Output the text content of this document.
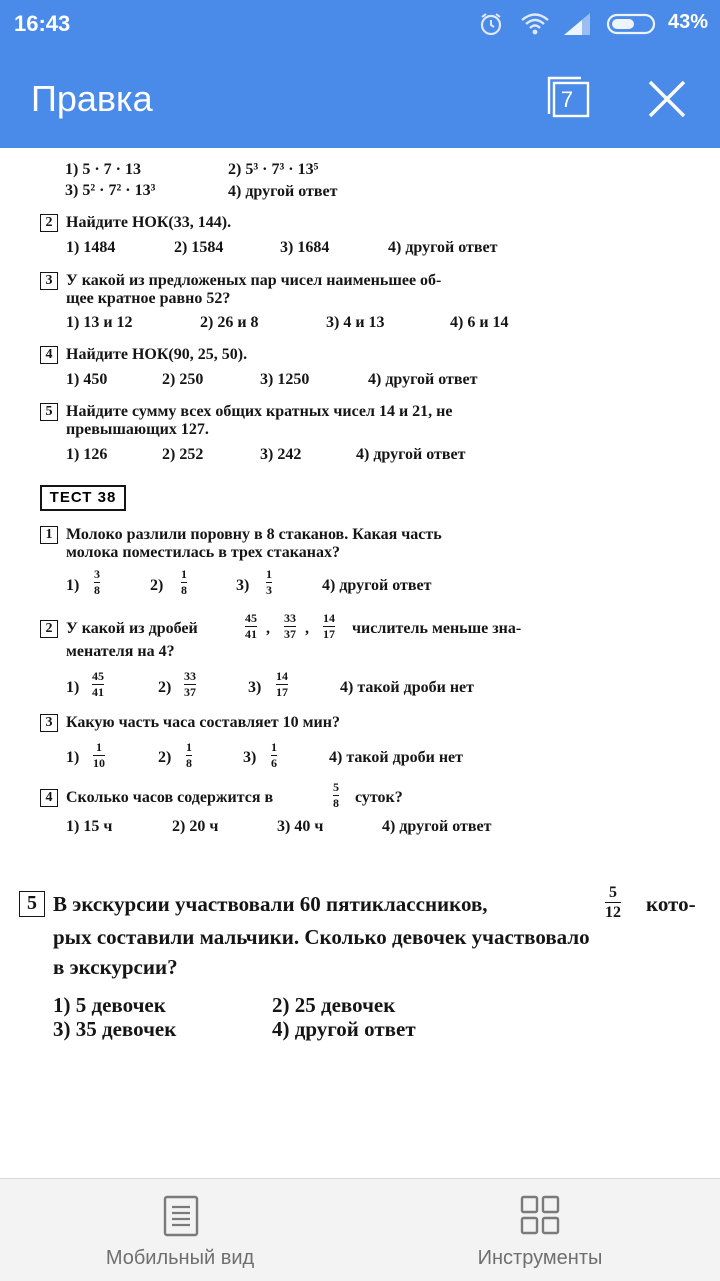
16:43	43%
Правка	7
1) 5 · 7 · 13	2) 5³ · 7³ · 13⁵
3) 5² · 7² · 13³	4) другой ответ
2 Найдите НОК(33, 144).
1) 1484	2) 1584	3) 1684	4) другой ответ
3 У какой из предложеных пар чисел наименьшее об-
щее кратное равно 52?
1) 13 и 12	2) 26 и 8	3) 4 и 13	4) 6 и 14
4 Найдите НОК(90, 25, 50).
1) 450	2) 250	3) 1250	4) другой ответ
5 Найдите сумму всех общих кратных чисел 14 и 21, не
превышающих 127.
1) 126	2) 252	3) 242	4) другой ответ
ТЕСТ 38
1 Молоко разлили поровну в 8 стаканов. Какая часть
молока поместилась в трех стаканах?
1)
3
8	2)
1
8	3)
1
3	4) другой ответ
2 У какой из дробей
45
41 ,
33
37 ,
14
17 числитель меньше зна-
менателя на 4?
1)
45
41	2)
33
37	3)
14
17	4) такой дроби нет
3 Какую часть часа составляет 10 мин?
1)
1
10	2)
1
8	3)
1
6	4) такой дроби нет
4 Сколько часов содержится в
5
8 суток?
1) 15 ч	2) 20 ч	3) 40 ч	4) другой ответ
5 В экскурсии участвовали 60 пятиклассников,	5
12 кото-
рых составили мальчики. Сколько девочек участвовало
в экскурсии?
1) 5 девочек	2) 25 девочек
3) 35 девочек	4) другой ответ
Мобильный вид	Инструменты
